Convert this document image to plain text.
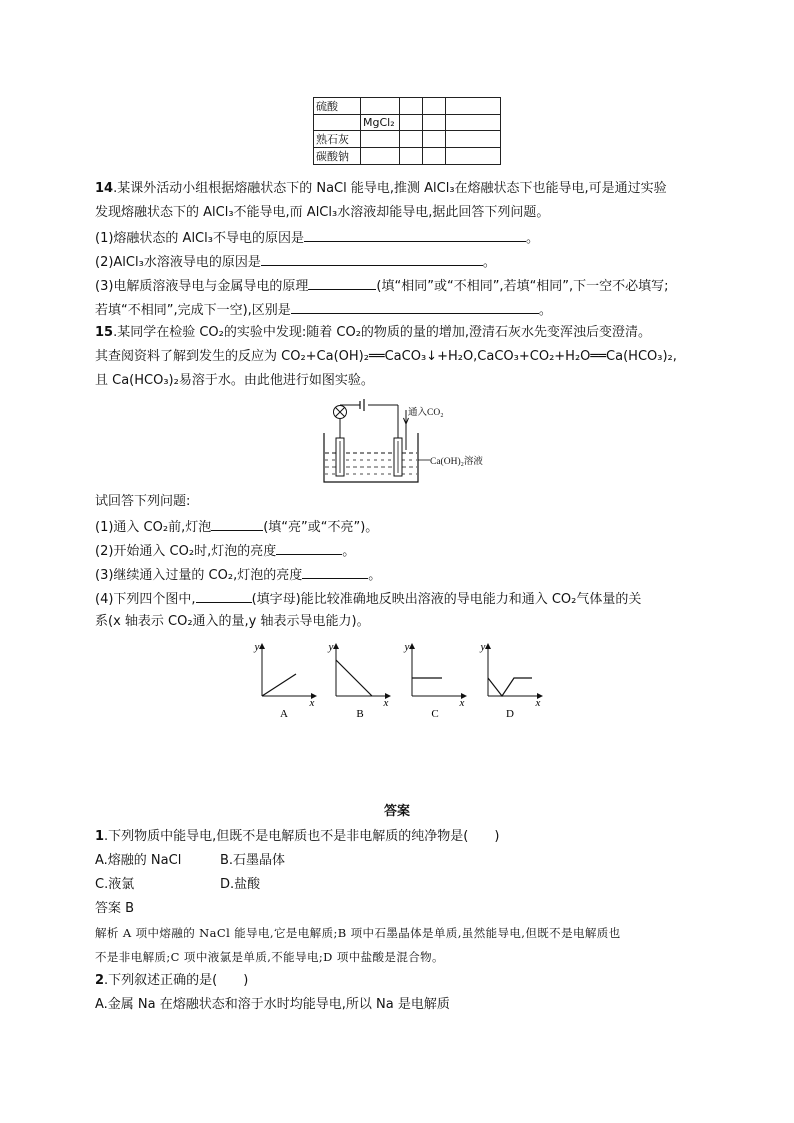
硫酸				
	MgCl₂			
熟石灰				
碳酸钠				
14.某课外活动小组根据熔融状态下的 NaCl 能导电,推测 AlCl₃在熔融状态下也能导电,可是通过实验
发现熔融状态下的 AlCl₃不能导电,而 AlCl₃水溶液却能导电,据此回答下列问题。
(1)熔融状态的 AlCl₃不导电的原因是	。
(2)AlCl₃水溶液导电的原因是	。
(3)电解质溶液导电与金属导电的原理	(填“相同”或“不相同”,若填“相同”,下一空不必填写;
若填“不相同”,完成下一空),区别是	。
15.某同学在检验 CO₂的实验中发现:随着 CO₂的物质的量的增加,澄清石灰水先变浑浊后变澄清。
其查阅资料了解到发生的反应为 CO₂+Ca(OH)₂══CaCO₃↓+H₂O,CaCO₃+CO₂+H₂O══Ca(HCO₃)₂,
且 Ca(HCO₃)₂易溶于水。由此他进行如图实验。
通入CO₂
Ca(OH)₂溶液
试回答下列问题:
(1)通入 CO₂前,灯泡	(填“亮”或“不亮”)。
(2)开始通入 CO₂时,灯泡的亮度	。
(3)继续通入过量的 CO₂,灯泡的亮度	。
(4)下列四个图中,	(填字母)能比较准确地反映出溶液的导电能力和通入 CO₂气体量的关
系(x 轴表示 CO₂通入的量,y 轴表示导电能力)。
y
x
A
y
x
B
y
x
C
y
x
D
答案
1.下列物质中能导电,但既不是电解质也不是非电解质的纯净物是(　　)
A.熔融的 NaCl	B.石墨晶体
C.液氯	D.盐酸
答案 B
解析 A 项中熔融的 NaCl 能导电,它是电解质;B 项中石墨晶体是单质,虽然能导电,但既不是电解质也
不是非电解质;C 项中液氯是单质,不能导电;D 项中盐酸是混合物。
2.下列叙述正确的是(　　)
A.金属 Na 在熔融状态和溶于水时均能导电,所以 Na 是电解质
